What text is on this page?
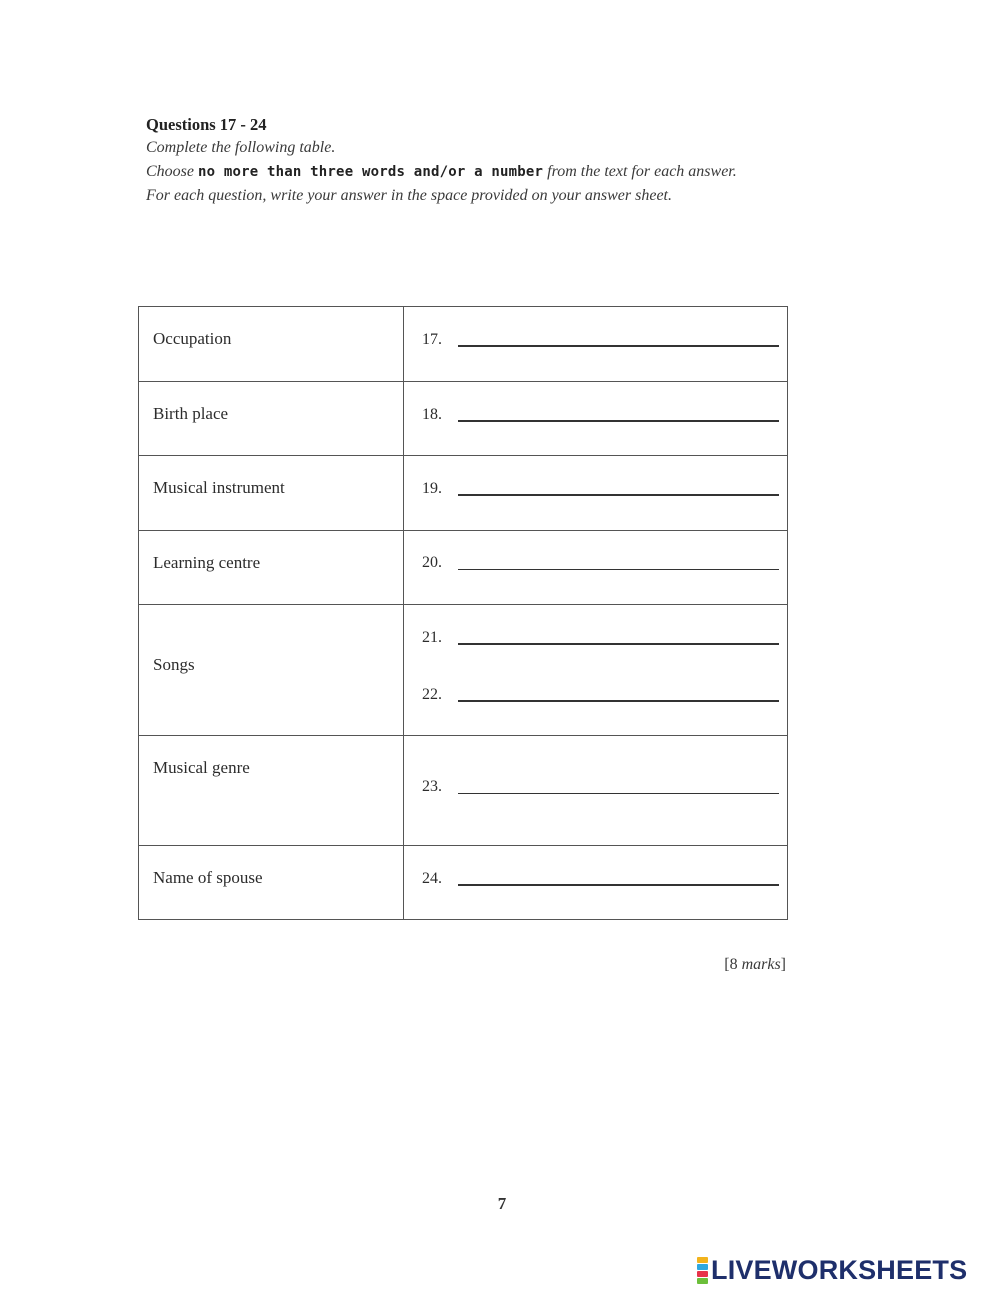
Questions 17 - 24
Complete the following table.
Choose no more than three words and/or a number from the text for each answer.
For each question, write your answer in the space provided on your answer sheet.
Occupation	17.

Birth place	18.

Musical instrument	19.

Learning centre	20.

Songs	21.
22.

Musical genre	23.

Name of spouse	24.
[8 marks]
7
LIVEWORKSHEETS
